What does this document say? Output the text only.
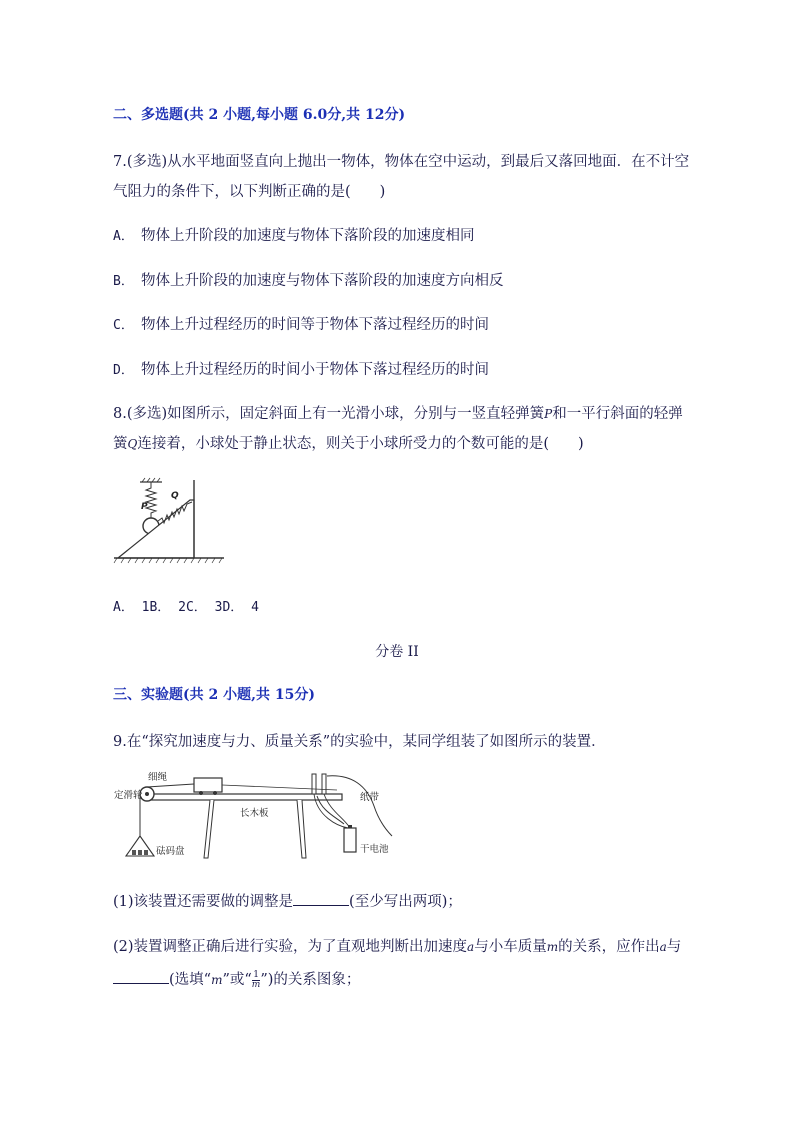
二、多选题(共 2 小题,每小题 6.0分,共 12分)
7.(多选)从水平地面竖直向上抛出一物体，物体在空中运动，到最后又落回地面．在不计空
气阻力的条件下，以下判断正确的是(　　)
A． 物体上升阶段的加速度与物体下落阶段的加速度相同
B． 物体上升阶段的加速度与物体下落阶段的加速度方向相反
C． 物体上升过程经历的时间等于物体下落过程经历的时间
D． 物体上升过程经历的时间小于物体下落过程经历的时间
8.(多选)如图所示，固定斜面上有一光滑小球，分别与一竖直轻弹簧P和一平行斜面的轻弹
簧Q连接着，小球处于静止状态，则关于小球所受力的个数可能的是(　　)
P
Q
A． 1B． 2C． 3D． 4
分卷 II
三、实验题(共 2 小题,共 15分)
9.在“探究加速度与力、质量关系”的实验中，某同学组装了如图所示的装置．
细绳
定滑轮
长木板
纸带
砝码盘	干电池
(1)该装置还需要做的调整是	(至少写出两项)；
(2)装置调整正确后进行实验，为了直观地判断出加速度a与小车质量m的关系，应作出a与
(选填“m”或“ $\frac{1}{m}$ ”)的关系图象；
